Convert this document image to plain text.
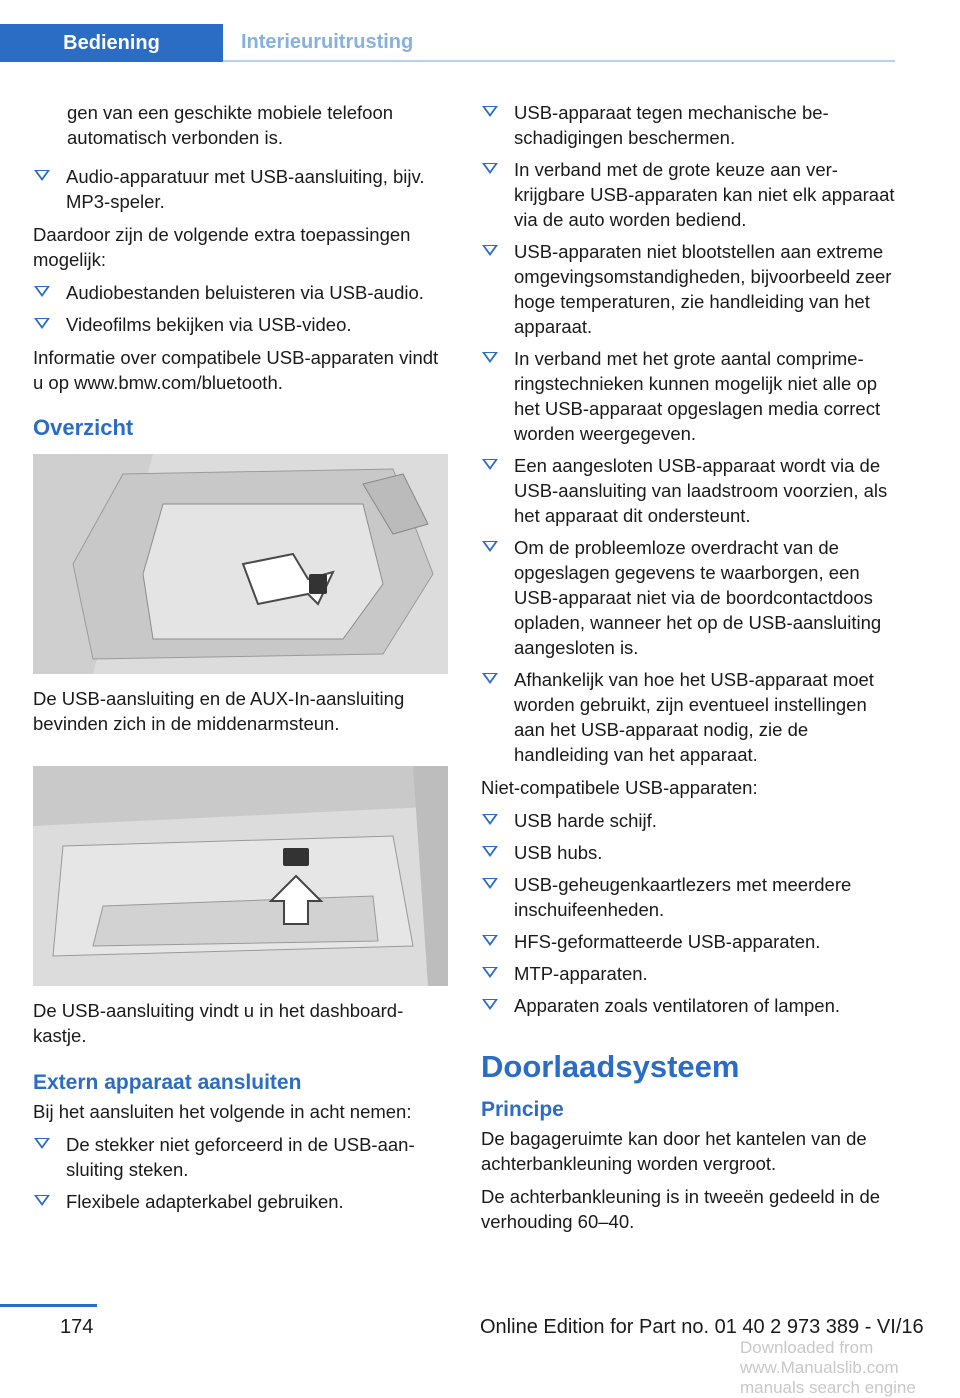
Bediening	Interieuruitrusting

gen van een geschikte mobiele telefoon automatisch verbonden is.

Audio-apparatuur met USB-aansluiting, bijv. MP3-speler.

Daardoor zijn de volgende extra toepassingen mogelijk:

Audiobestanden beluisteren via USB-audio.
Videofilms bekijken via USB-video.

Informatie over compatibele USB-apparaten vindt u op www.bmw.com/bluetooth.

Overzicht

De USB-aansluiting en de AUX-In-aansluiting bevinden zich in de middenarmsteun.

De USB-aansluiting vindt u in het dashboardkastje.

Extern apparaat aansluiten

Bij het aansluiten het volgende in acht nemen:

De stekker niet geforceerd in de USB-aansluiting steken.
Flexibele adapterkabel gebruiken.
USB-apparaat tegen mechanische beschadigingen beschermen.
In verband met de grote keuze aan verkrijgbare USB-apparaten kan niet elk apparaat via de auto worden bediend.
USB-apparaten niet blootstellen aan extreme omgevingsomstandigheden, bijvoorbeeld zeer hoge temperaturen, zie handleiding van het apparaat.
In verband met het grote aantal comprimeringstechnieken kunnen mogelijk niet alle op het USB-apparaat opgeslagen media correct worden weergegeven.
Een aangesloten USB-apparaat wordt via de USB-aansluiting van laadstroom voorzien, als het apparaat dit ondersteunt.
Om de probleemloze overdracht van de opgeslagen gegevens te waarborgen, een USB-apparaat niet via de boordcontactdoos opladen, wanneer het op de USB-aansluiting aangesloten is.
Afhankelijk van hoe het USB-apparaat moet worden gebruikt, zijn eventueel instellingen aan het USB-apparaat nodig, zie de handleiding van het apparaat.

Niet-compatibele USB-apparaten:

USB harde schijf.
USB hubs.
USB-geheugenkaartlezers met meerdere inschuifeenheden.
HFS-geformatteerde USB-apparaten.
MTP-apparaten.
Apparaten zoals ventilatoren of lampen.
Doorlaadsysteem
Principe

De bagageruimte kan door het kantelen van de achterbankleuning worden vergroot.

De achterbankleuning is in tweeën gedeeld in de verhouding 60–40.

174	Online Edition for Part no. 01 40 2 973 389 - VI/16
Downloaded from www.Manualslib.com manuals search engine
